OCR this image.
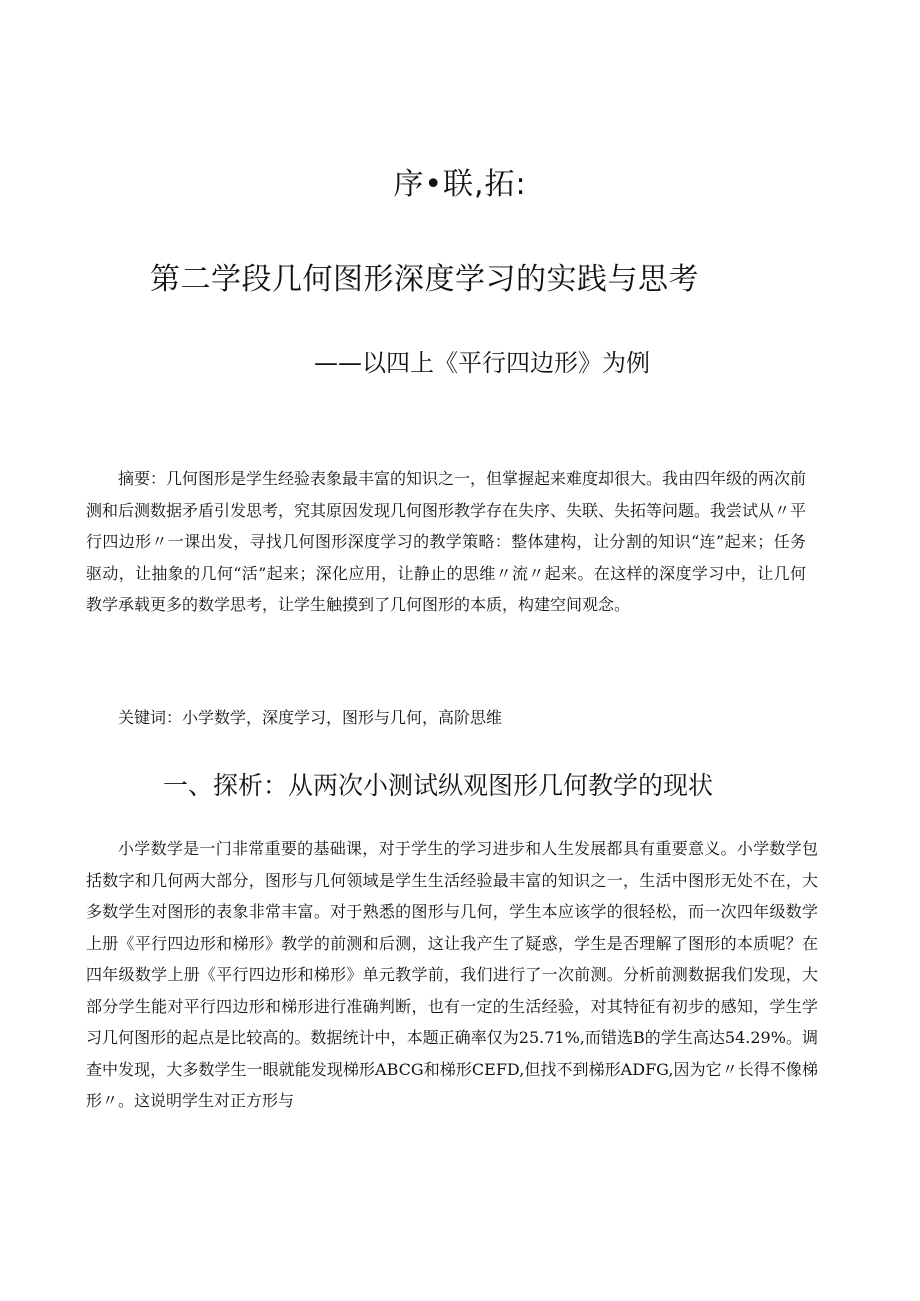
序•联,拓:
第二学段几何图形深度学习的实践与思考
——以四上《平行四边形》为例
摘要：几何图形是学生经验表象最丰富的知识之一，但掌握起来难度却很大。我由四年级的两次前测和后测数据矛盾引发思考，究其原因发现几何图形教学存在失序、失联、失拓等问题。我尝试从〃平行四边形〃一课出发，寻找几何图形深度学习的教学策略：整体建构，让分割的知识“连”起来；任务驱动，让抽象的几何“活”起来；深化应用，让静止的思维〃流〃起来。在这样的深度学习中，让几何教学承载更多的数学思考，让学生触摸到了几何图形的本质，构建空间观念。
关键词：小学数学，深度学习，图形与几何，高阶思维
一、探析：从两次小测试纵观图形几何教学的现状
小学数学是一门非常重要的基础课，对于学生的学习进步和人生发展都具有重要意义。小学数学包括数字和几何两大部分，图形与几何领域是学生生活经验最丰富的知识之一，生活中图形无处不在，大多数学生对图形的表象非常丰富。对于熟悉的图形与几何，学生本应该学的很轻松，而一次四年级数学上册《平行四边形和梯形》教学的前测和后测，这让我产生了疑惑，学生是否理解了图形的本质呢？在四年级数学上册《平行四边形和梯形》单元教学前，我们进行了一次前测。分析前测数据我们发现，大部分学生能对平行四边形和梯形进行准确判断，也有一定的生活经验，对其特征有初步的感知，学生学习几何图形的起点是比较高的。数据统计中，本题正确率仅为25.71%,而错选B的学生高达54.29%。调查中发现，大多数学生一眼就能发现梯形ABCG和梯形CEFD,但找不到梯形ADFG,因为它〃长得不像梯形〃。这说明学生对正方形与
